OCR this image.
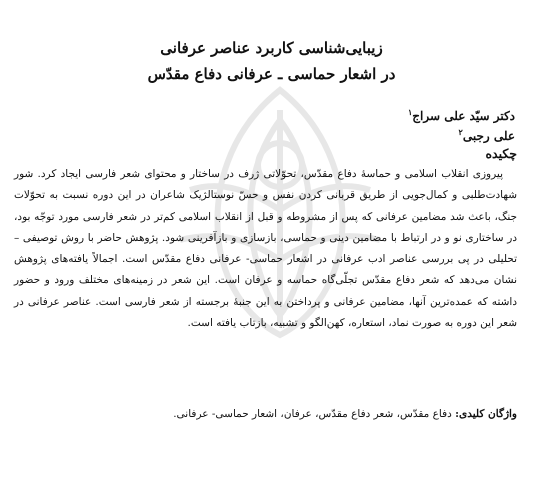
زیبایی‌شناسی کاربرد عناصر عرفانی
در اشعار حماسی ـ عرفانی دفاع مقدّس
دکتر سیّد علی سراج$^۱$
علی رجبی$^۲$
چکیده

پیروزی انقلاب اسلامی و حماسهٔ دفاع مقدّس، تحوّلاتی ژرف در ساختار و محتوای شعر فارسی ایجاد کرد. شور شهادت‌طلبی و کمال‌جویی از طریق قربانی کردن نفس و حسّ نوستالژیک شاعران در این دوره نسبت به تحوّلات جنگ، باعث شد مضامین عرفانی که پس از مشروطه و قبل از انقلاب اسلامی کم‌تر در شعر فارسی مورد توجّه بود، در ساختاری نو و در ارتباط با مضامین دینی و حماسی، بازسازی و بازآفرینی شود. پژوهش حاضر با روش توصیفی – تحلیلی در پی بررسی عناصر ادب عرفانی در اشعار حماسی- عرفانی دفاع مقدّس است. اجمالاً یافته‌های پژوهش نشان می‌دهد که شعر دفاع مقدّس تجلّی‌گاه حماسه و عرفان است. این شعر در زمینه‌های مختلف ورود و حضور داشته که عمده‌ترین آنها، مضامین عرفانی و پرداختن به این جنبهٔ برجسته از شعر فارسی است. عناصر عرفانی در شعر این دوره به صورت نماد، استعاره، کهن‌الگو و تشبیه، بازتاب یافته است.

واژگان کلیدی: دفاع مقدّس، شعر دفاع مقدّس، عرفان، اشعار حماسی- عرفانی.
